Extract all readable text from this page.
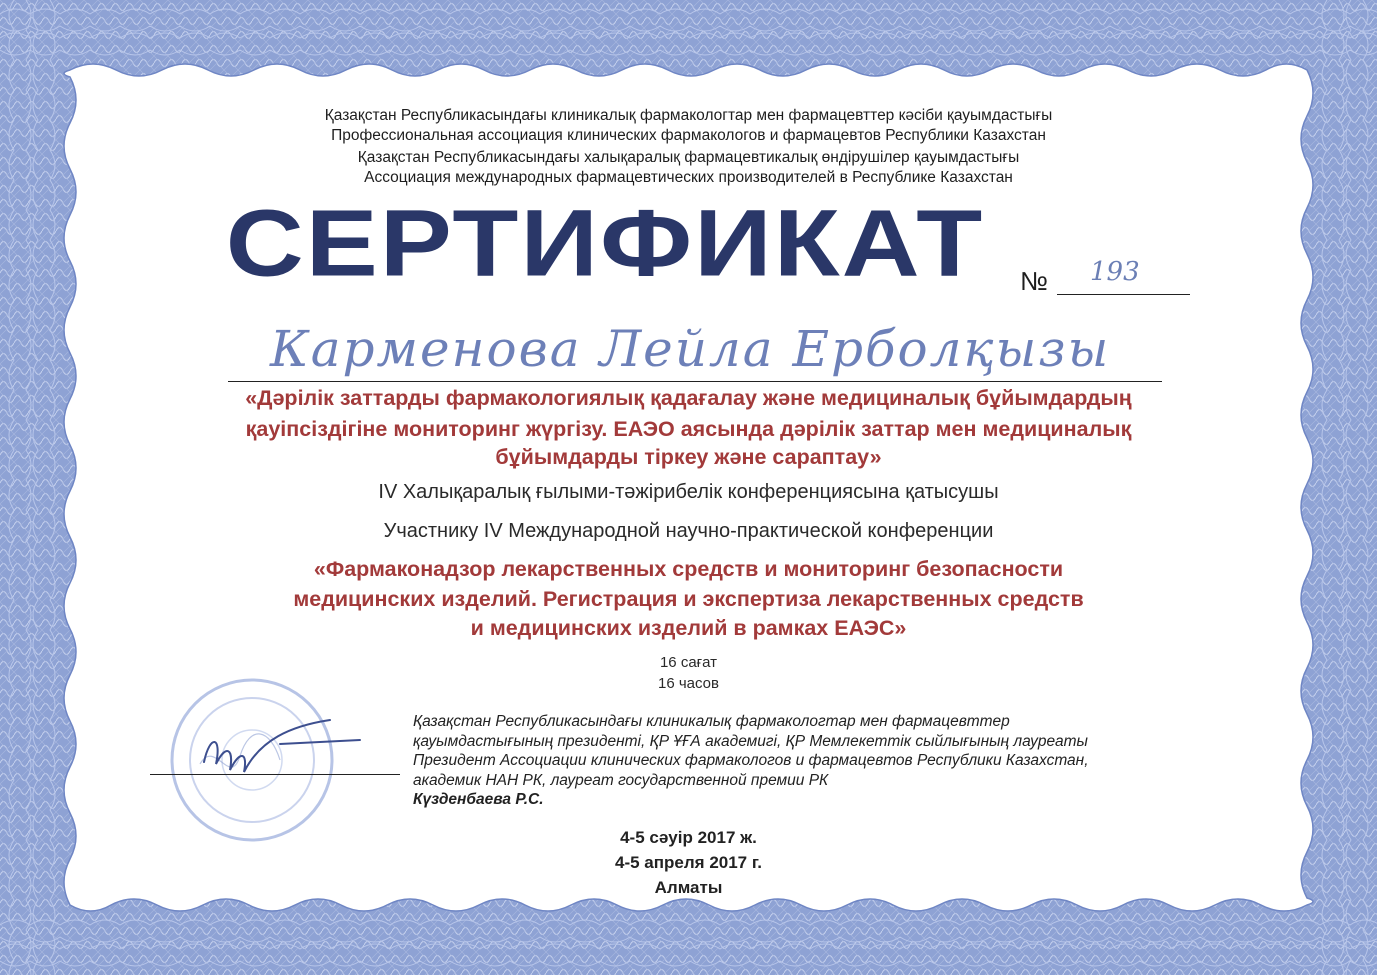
Қазақстан Республикасындағы клиникалық фармакологтар мен фармацевттер кәсіби қауымдастығы
Профессиональная ассоциация клинических фармакологов и фармацевтов Республики Казахстан
Қазақстан Республикасындағы халықаралық фармацевтикалық өндірушілер қауымдастығы
Ассоциация международных фармацевтических производителей в Республике Казахстан
СЕРТИФИКАТ	№ 193
Карменова Лейла Ерболқызы
«Дәрілік заттарды фармакологиялық қадағалау және медициналық бұйымдардың
қауіпсіздігіне мониторинг жүргізу. ЕАЭО аясында дәрілік заттар мен медициналық
бұйымдарды тіркеу және сараптау»
IV Халықаралық ғылыми-тәжірибелік конференциясына қатысушы
Участнику IV Международной научно-практической конференции
«Фармаконадзор лекарственных средств и мониторинг безопасности
медицинских изделий. Регистрация и экспертиза лекарственных средств
и медицинских изделий в рамках ЕАЭС»
16 сағат
16 часов
Қазақстан Республикасындағы клиникалық фармакологтар мен фармацевттер
қауымдастығының президенті, ҚР ҰҒА академигі, ҚР Мемлекеттік сыйлығының лауреаты
Президент Ассоциации клинических фармакологов и фармацевтов Республики Казахстан,
академик НАН РК, лауреат государственной премии РК
Күзденбаева Р.С.
4-5 сәуір 2017 ж.
4-5 апреля 2017 г.
Алматы
